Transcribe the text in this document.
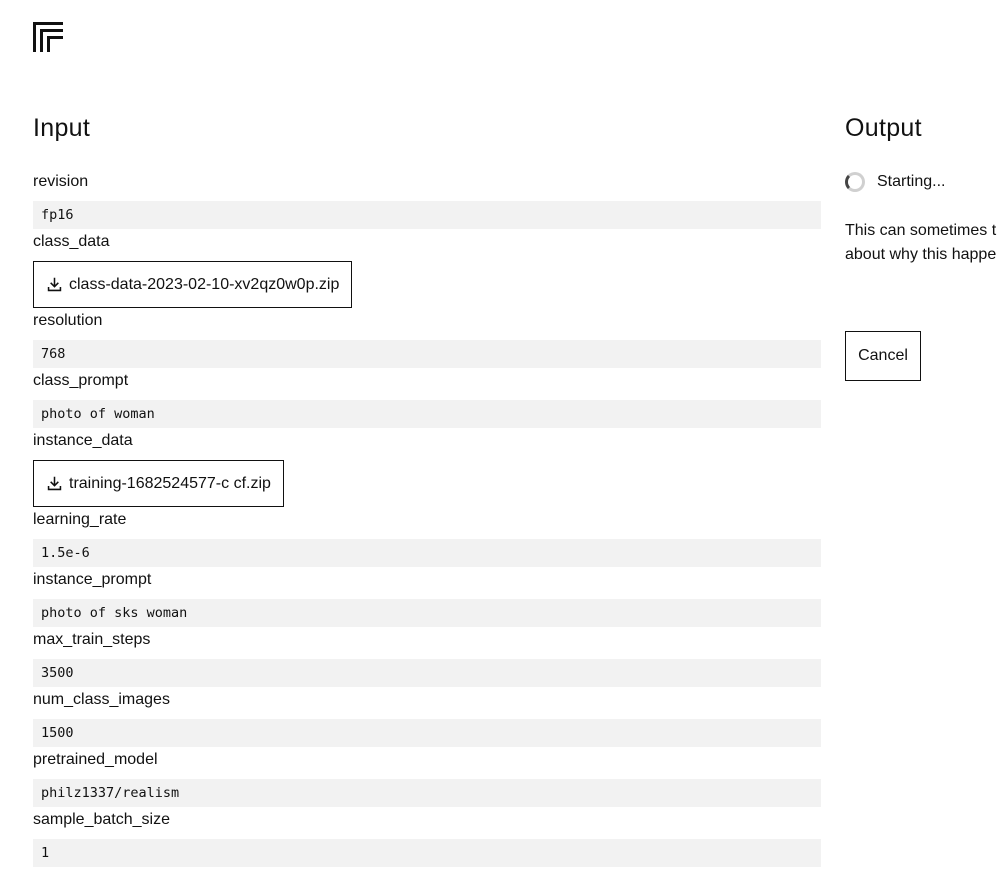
Input
revision
fp16
class_data
class-data-2023-02-10-xv2qz0w0p.zip
resolution
768
class_prompt
photo of woman
instance_data
training-1682524577-c cf.zip
learning_rate
1.5e-6
instance_prompt
photo of sks woman
max_train_steps
3500
num_class_images
1500
pretrained_model
philz1337/realism
sample_batch_size
1
Output
Starting...
This can sometimes t
about why this happe
Cancel
